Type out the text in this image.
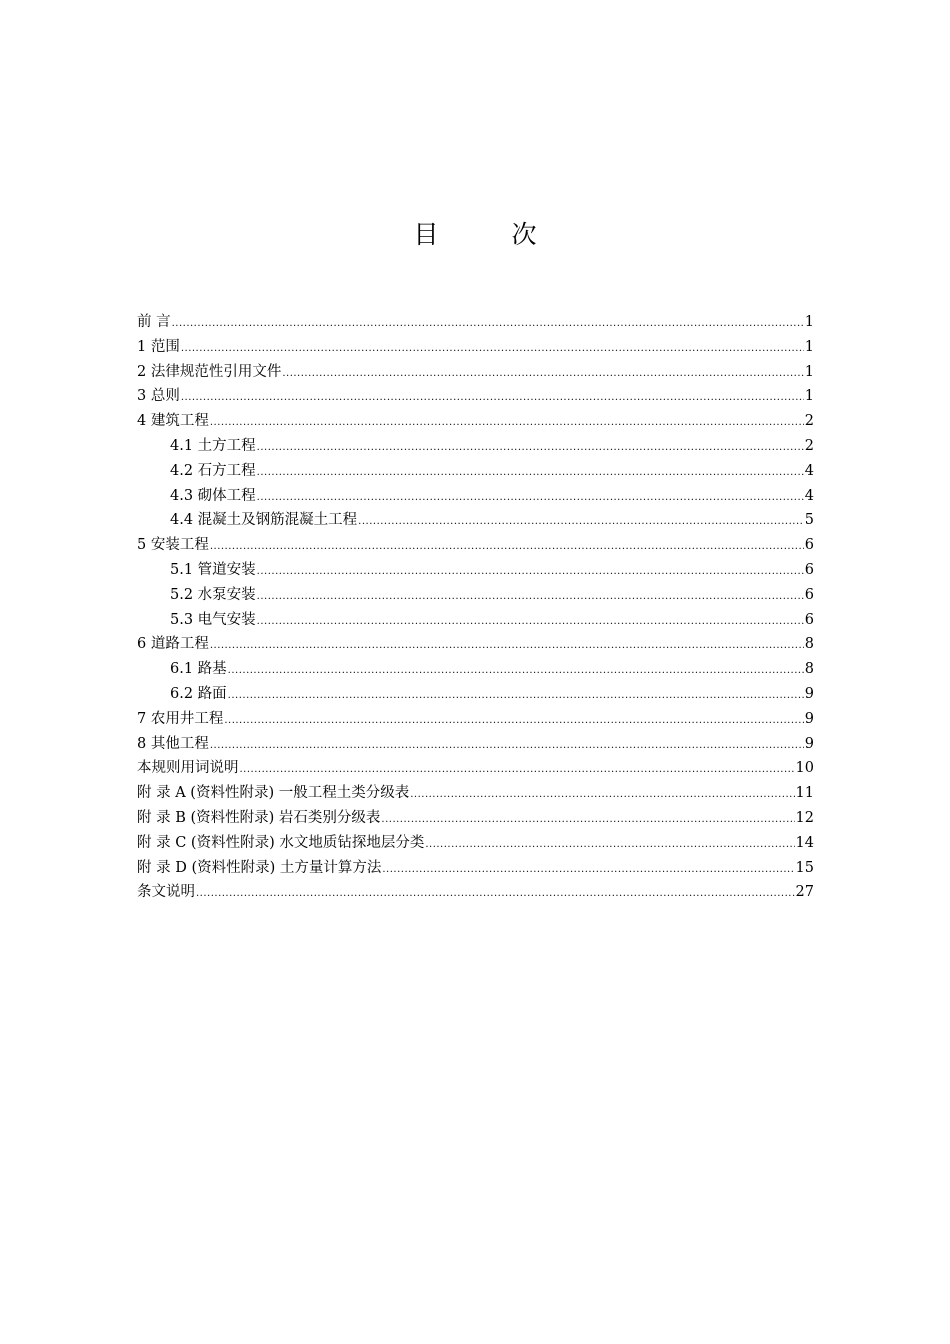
目　次
前 言 .....	1
1 范围 .....	1
2 法律规范性引用文件 .....	1
3 总则 .....	1
4 建筑工程 .....	2
4.1 土方工程 .....	2
4.2 石方工程 .....	4
4.3 砌体工程 .....	4
4.4 混凝土及钢筋混凝土工程 .....	5
5 安装工程 .....	6
5.1 管道安装 .....	6
5.2 水泵安装 .....	6
5.3 电气安装 .....	6
6 道路工程 .....	8
6.1 路基 .....	8
6.2 路面 .....	9
7 农用井工程 .....	9
8 其他工程 .....	9
本规则用词说明 .....	10
附 录 A (资料性附录) 一般工程土类分级表 .....	11
附 录 B (资料性附录) 岩石类别分级表 .....	12
附 录 C (资料性附录) 水文地质钻探地层分类 .....	14
附 录 D (资料性附录) 土方量计算方法 .....	15
条文说明 .....	27
